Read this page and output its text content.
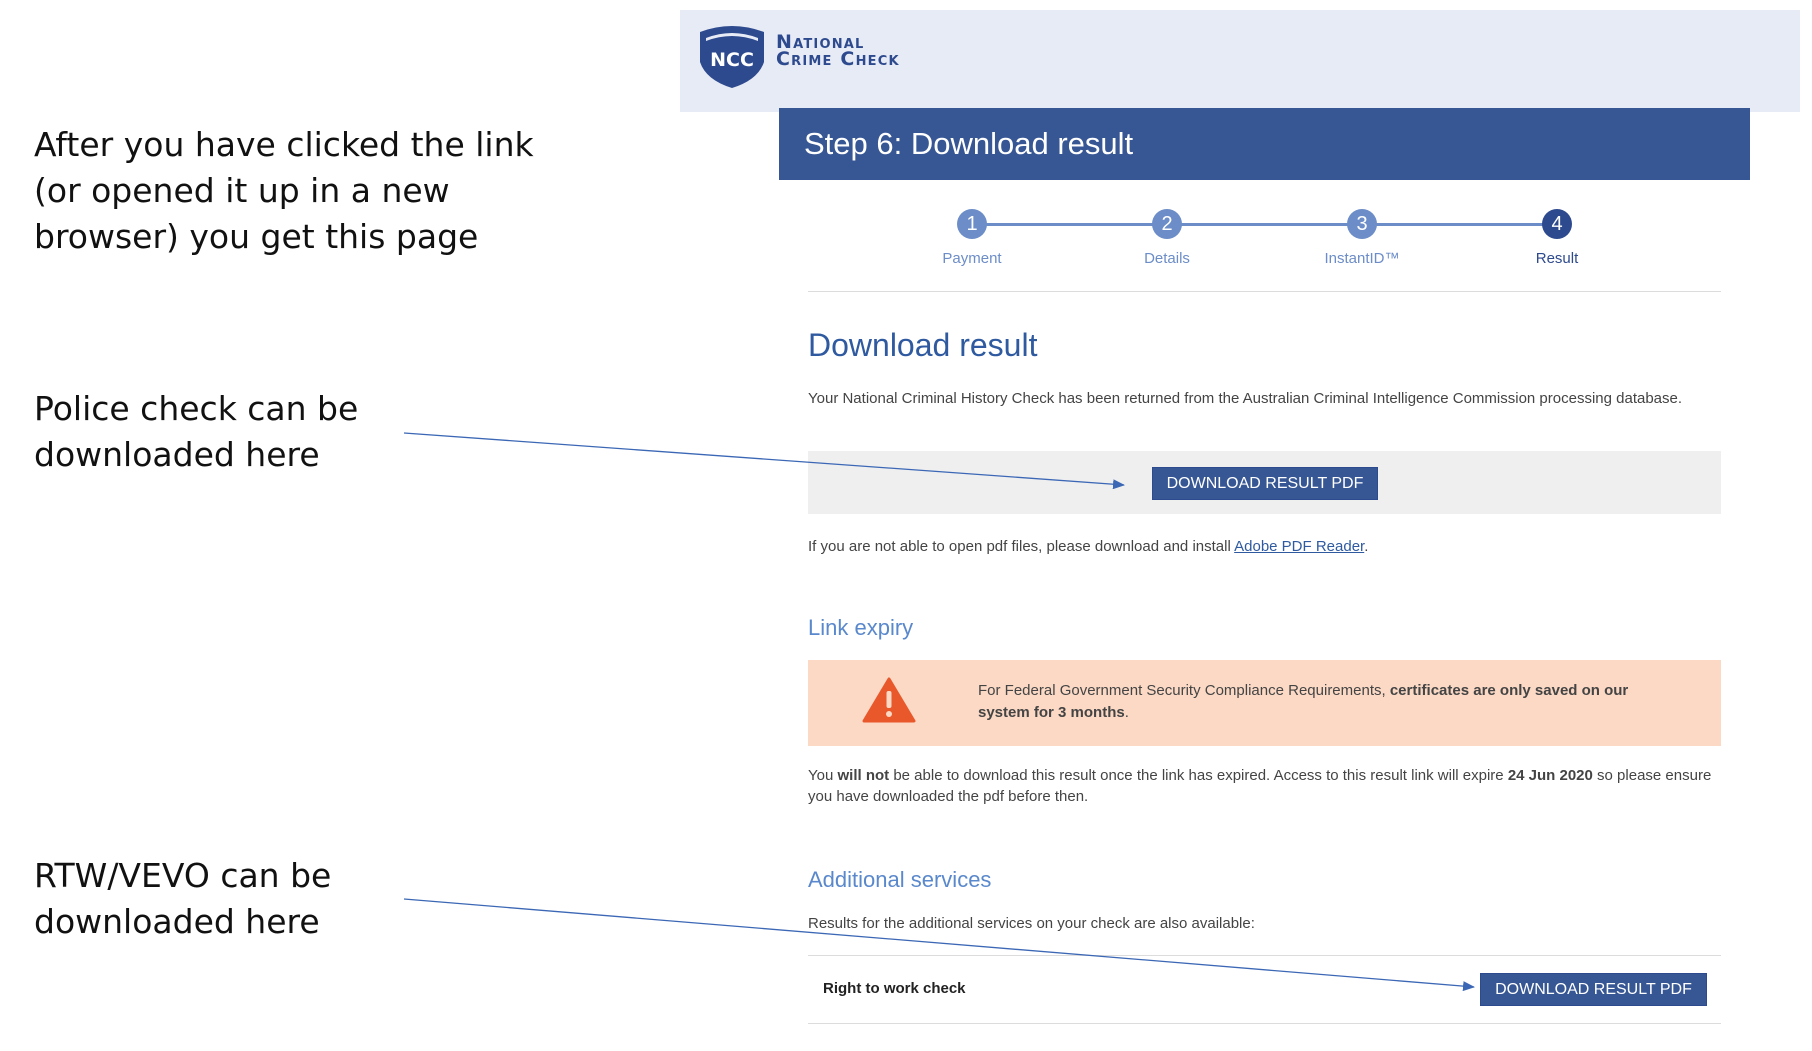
After you have clicked the link
(or opened it up in a new
browser) you get this page
Police check can be
downloaded here
RTW/VEVO can be
downloaded here
NCC
National
Crime Check
Step 6: Download result
1
Payment
2
Details
3
InstantID™
4
Result
Download result
Your National Criminal History Check has been returned from the Australian Criminal Intelligence Commission processing database.
DOWNLOAD RESULT PDF
If you are not able to open pdf files, please download and install Adobe PDF Reader.
Link expiry
For Federal Government Security Compliance Requirements, certificates are only saved on our system for 3 months.
You will not be able to download this result once the link has expired. Access to this result link will expire 24 Jun 2020 so please ensure you have downloaded the pdf before then.
Additional services
Results for the additional services on your check are also available:
Right to work check	DOWNLOAD RESULT PDF
